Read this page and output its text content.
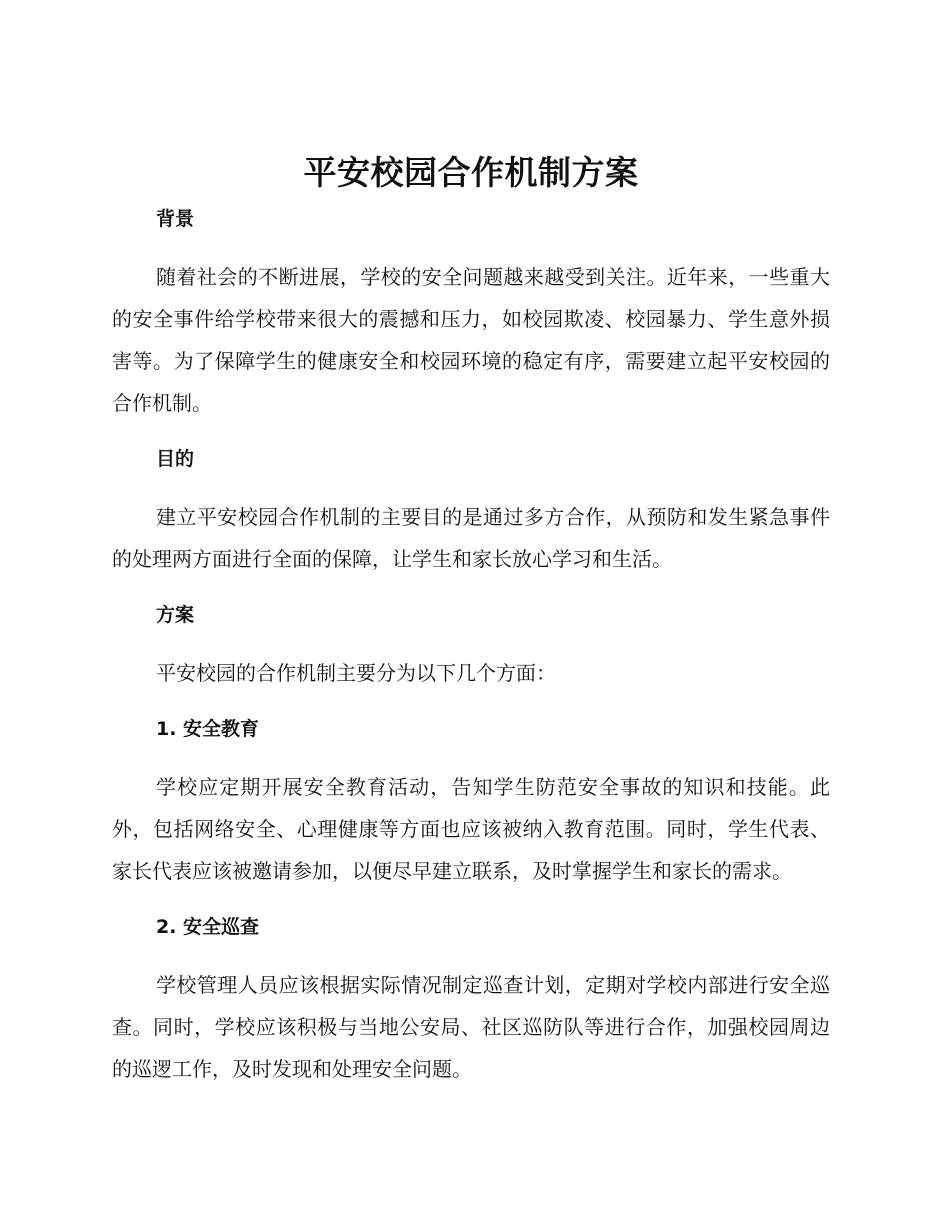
平安校园合作机制方案
背景

随着社会的不断进展，学校的安全问题越来越受到关注。近年来，一些重大的安全事件给学校带来很大的震撼和压力，如校园欺凌、校园暴力、学生意外损害等。为了保障学生的健康安全和校园环境的稳定有序，需要建立起平安校园的合作机制。

目的

建立平安校园合作机制的主要目的是通过多方合作，从预防和发生紧急事件的处理两方面进行全面的保障，让学生和家长放心学习和生活。

方案

平安校园的合作机制主要分为以下几个方面：

1. 安全教育

学校应定期开展安全教育活动，告知学生防范安全事故的知识和技能。此外，包括网络安全、心理健康等方面也应该被纳入教育范围。同时，学生代表、家长代表应该被邀请参加，以便尽早建立联系，及时掌握学生和家长的需求。

2. 安全巡查

学校管理人员应该根据实际情况制定巡查计划，定期对学校内部进行安全巡查。同时，学校应该积极与当地公安局、社区巡防队等进行合作，加强校园周边的巡逻工作，及时发现和处理安全问题。
